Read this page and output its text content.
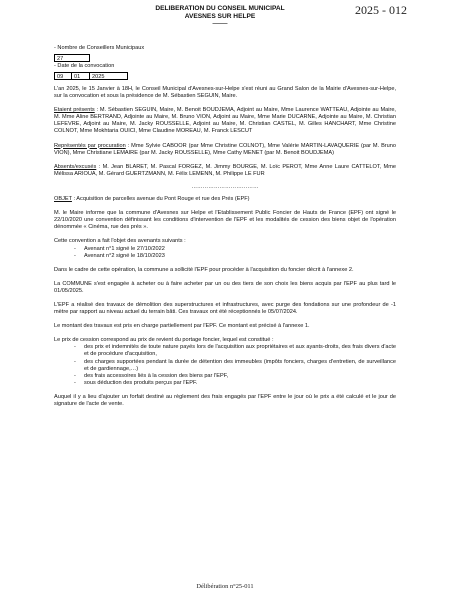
DELIBERATION DU CONSEIL MUNICIPAL
AVESNES SUR HELPE
———
2025 - 012
- Nombre de Conseillers Municipaux
27
- Date de la convocation
09	01	2025
L'an 2025, le 15 Janvier à 18H, le Conseil Municipal d'Avesnes-sur-Helpe s'est réuni au Grand Salon de la Mairie d'Avesnes-sur-Helpe, sur la convocation et sous la présidence de M. Sébastien SEGUIN, Maire.
Etaient présents : M. Sébastien SEGUIN, Maire, M. Benoit BOUDJEMA, Adjoint au Maire, Mme Laurence WATTEAU, Adjointe au Maire, M. Mme Aline BERTRAND, Adjointe au Maire, M. Bruno VION, Adjoint au Maire, Mme Marie DUCARNE, Adjointe au Maire, M. Christian LEFEVRE, Adjoint au Maire, M. Jacky ROUSSELLE, Adjoint au Maire, M. Christian CASTEL, M. Gilles HANCHART, Mme Christine COLNOT, Mme Mokhtaria OUICI, Mme Claudine MOREAU, M. Franck LESCUT
Représentés par procuration : Mme Sylvie CABOOR (par Mme Christine COLNOT), Mme Valérie MARTIN-LAVAQUERIE (par M. Bruno VION), Mme Christiane LEMAIRE (par M. Jacky ROUSSELLE), Mme Cathy MENET (par M. Benoit BOUDJEMA)
Absents/excusés : M. Jean BLARET, M. Pascal FORGEZ, M. Jimmy BOURGE, M. Loïc PEROT, Mme Anne Laure CATTELOT, Mme Mélissa ARIOUA, M. Gérard GUERTZMANN, M. Félix LEMENN, M. Philippe LE FUR
………………………………
OBJET : Acquisition de parcelles avenue du Pont Rouge et rue des Prés (EPF)
M. le Maire informe que la commune d'Avesnes sur Helpe et l'Etablissement Public Foncier de Hauts de France (EPF) ont signé le 22/10/2020 une convention définissant les conditions d'intervention de l'EPF et les modalités de cession des biens objet de l'opération dénommée « Cinéma, rue des prés ».
Cette convention a fait l'objet des avenants suivants :
- Avenant n°1 signé le 27/10/2022
- Avenant n°2 signé le 18/10/2023
Dans le cadre de cette opération, la commune a sollicité l'EPF pour procéder à l'acquisition du foncier décrit à l'annexe 2.
La COMMUNE s'est engagée à acheter ou à faire acheter par un ou des tiers de son choix les biens acquis par l'EPF au plus tard le 01/05/2025.
L'EPF a réalisé des travaux de démolition des superstructures et infrastructures, avec purge des fondations sur une profondeur de -1 mètre par rapport au niveau actuel du terrain bâti. Ces travaux ont été réceptionnés le 05/07/2024.
Le montant des travaux est pris en charge partiellement par l'EPF. Ce montant est précisé à l'annexe 1.
Le prix de cession correspond au prix de revient du portage foncier, lequel est constitué :
- des prix et indemnités de toute nature payés lors de l'acquisition aux propriétaires et aux ayants-droits, des frais divers d'acte et de procédure d'acquisition,
- des charges supportées pendant la durée de détention des immeubles (impôts fonciers, charges d'entretien, de surveillance et de gardiennage,…)
- des frais accessoires liés à la cession des biens par l'EPF,
- sous déduction des produits perçus par l'EPF.
Auquel il y a lieu d'ajouter un forfait destiné au règlement des frais engagés par l'EPF entre le jour où le prix a été calculé et le jour de signature de l'acte de vente.
Délibération n°25-011
